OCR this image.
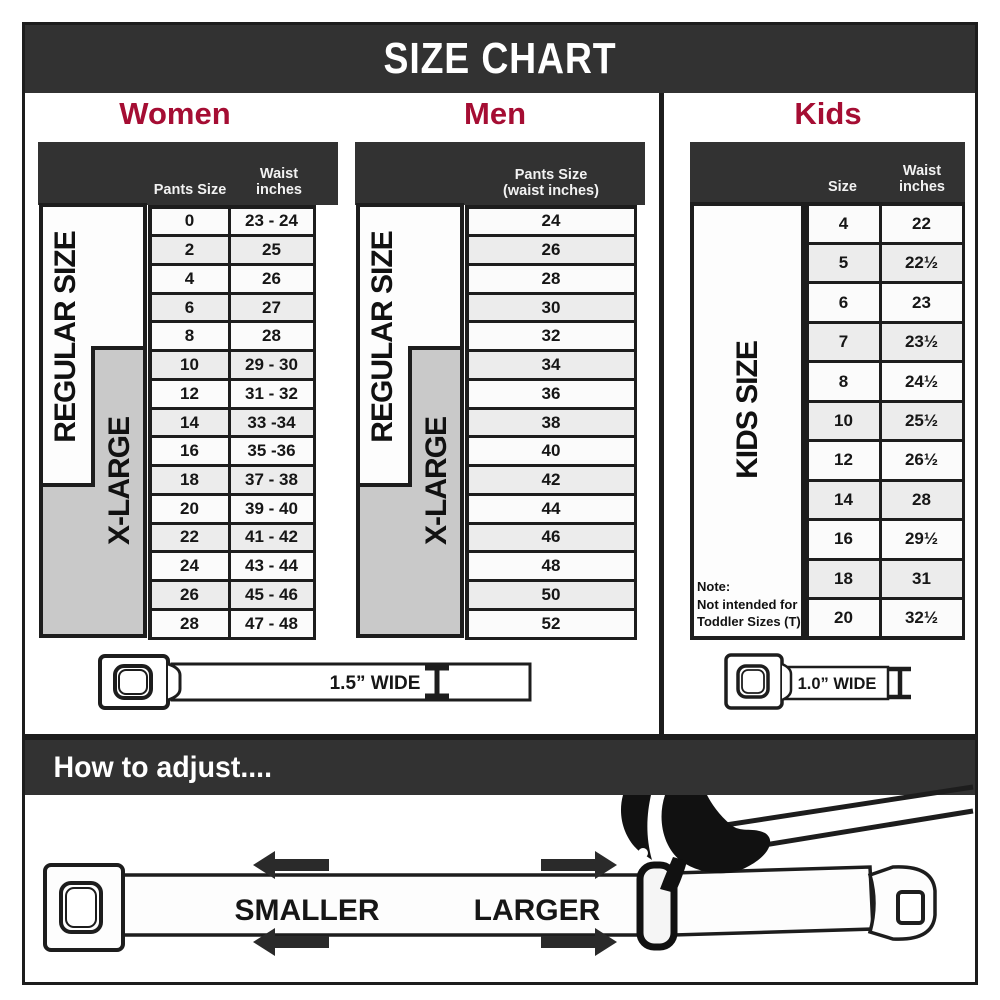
SIZE CHART
Women	Men	Kids
REGULAR SIZE
X-LARGE
Pants Size
Waist
inches
0	23 - 24
2	25
4	26
6	27
8	28
10	29 - 30
12	31 - 32
14	33 -34
16	35 -36
18	37 - 38
20	39 - 40
22	41 - 42
24	43 - 44
26	45 - 46
28	47 - 48
REGULAR SIZE
X-LARGE
Pants Size
(waist inches)
24
26
28
30
32
34
36
38
40
42
44
46
48
50
52
KIDS SIZE
Note:
Not intended for
Toddler Sizes (T)
Size
Waist
inches
4	22
5	22½
6	23
7	23½
8	24½
10	25½
12	26½
14	28
16	29½
18	31
20	32½
1.5” WIDE	1.0” WIDE
How to adjust....
SMALLER	LARGER
